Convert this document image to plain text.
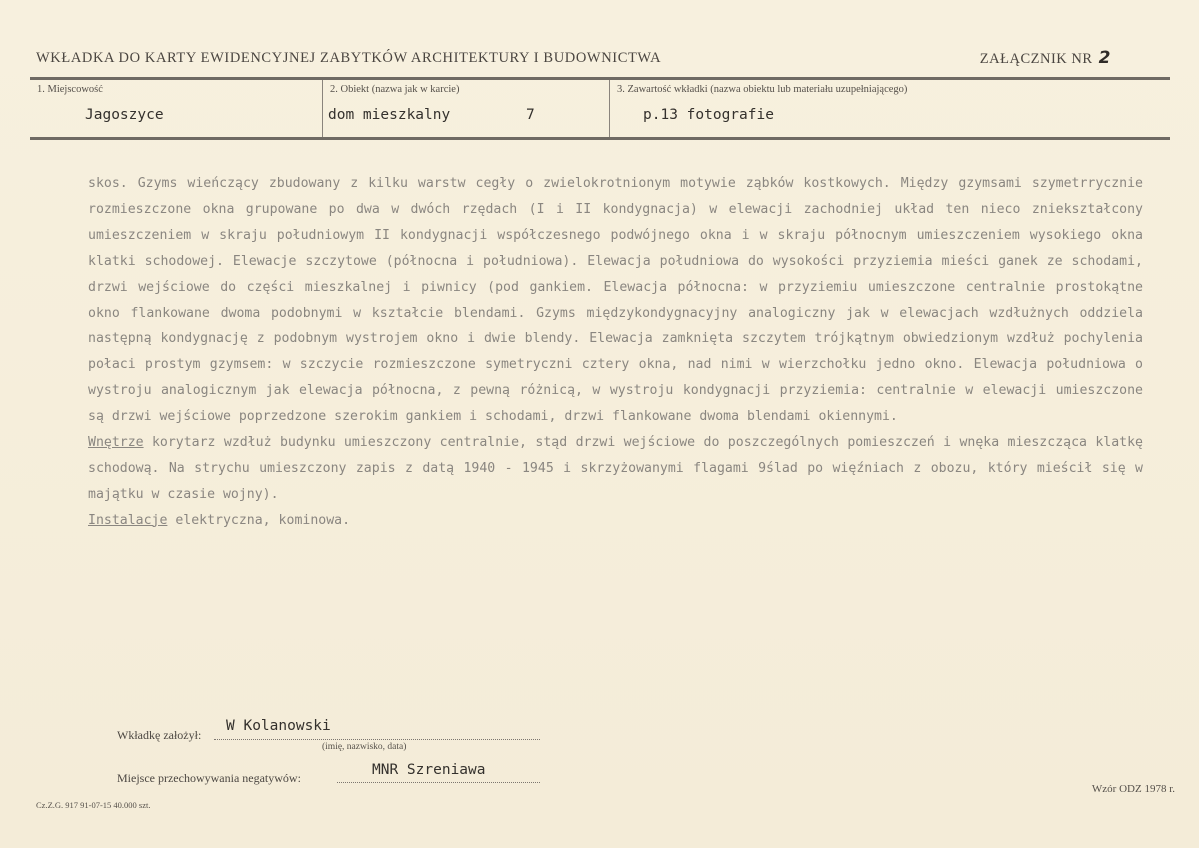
WKŁADKA DO KARTY EWIDENCYJNEJ ZABYTKÓW ARCHITEKTURY I BUDOWNICTWA	ZAŁĄCZNIK NR 2
1. Miejscowość
Jagoszyce
2. Obiekt (nazwa jak w karcie)
dom mieszkalny	7
3. Zawartość wkładki (nazwa obiektu lub materiału uzupełniającego)
p.13 fotografie

skos. Gzyms wieńczący zbudowany z kilku warstw cegły o zwielokrotnionym motywie ząbków kostkowych. Między gzymsami szymetrrycznie rozmieszczone okna grupowane po dwa w dwóch rzędach (I i II kondygnacja) w elewacji zachodniej układ ten nieco zniekształcony umieszczeniem w skraju południowym II kondygnacji współczesnego podwójnego okna i w skraju północnym umieszczeniem wysokiego okna klatki schodowej. Elewacje szczytowe (północna i południowa). Elewacja południowa do wysokości przyziemia mieści ganek ze schodami, drzwi wejściowe do części mieszkalnej i piwnicy (pod gankiem. Elewacja północna: w przyziemiu umieszczone centralnie prostokątne okno flankowane dwoma podobnymi w kształcie blendami. Gzyms międzykondygnacyjny analogiczny jak w elewacjach wzdłużnych oddziela następną kondygnację z podobnym wystrojem okno i dwie blendy. Elewacja zamknięta szczytem trójkątnym obwiedzionym wzdłuż pochylenia połaci prostym gzymsem: w szczycie rozmieszczone symetryczni cztery okna, nad nimi w wierzchołku jedno okno. Elewacja południowa o wystroju analogicznym jak elewacja północna, z pewną różnicą, w wystroju kondygnacji przyziemia: centralnie w elewacji umieszczone są drzwi wejściowe poprzedzone szerokim gankiem i schodami, drzwi flankowane dwoma blendami okiennymi.

Wnętrze korytarz wzdłuż budynku umieszczony centralnie, stąd drzwi wejściowe do poszczególnych pomieszczeń i wnęka mieszcząca klatkę schodową. Na strychu umieszczony zapis z datą 1940 - 1945 i skrzyżowanymi flagami 9ślad po więźniach z obozu, który mieścił się w majątku w czasie wojny).

Instalacje elektryczna, kominowa.

Wkładkę założył:
W Kolanowski
(imię, nazwisko, data)
Miejsce przechowywania negatywów:	MNR Szreniawa
Cz.Z.G. 917 91-07-15 40.000 szt.
Wzór ODZ 1978 r.
